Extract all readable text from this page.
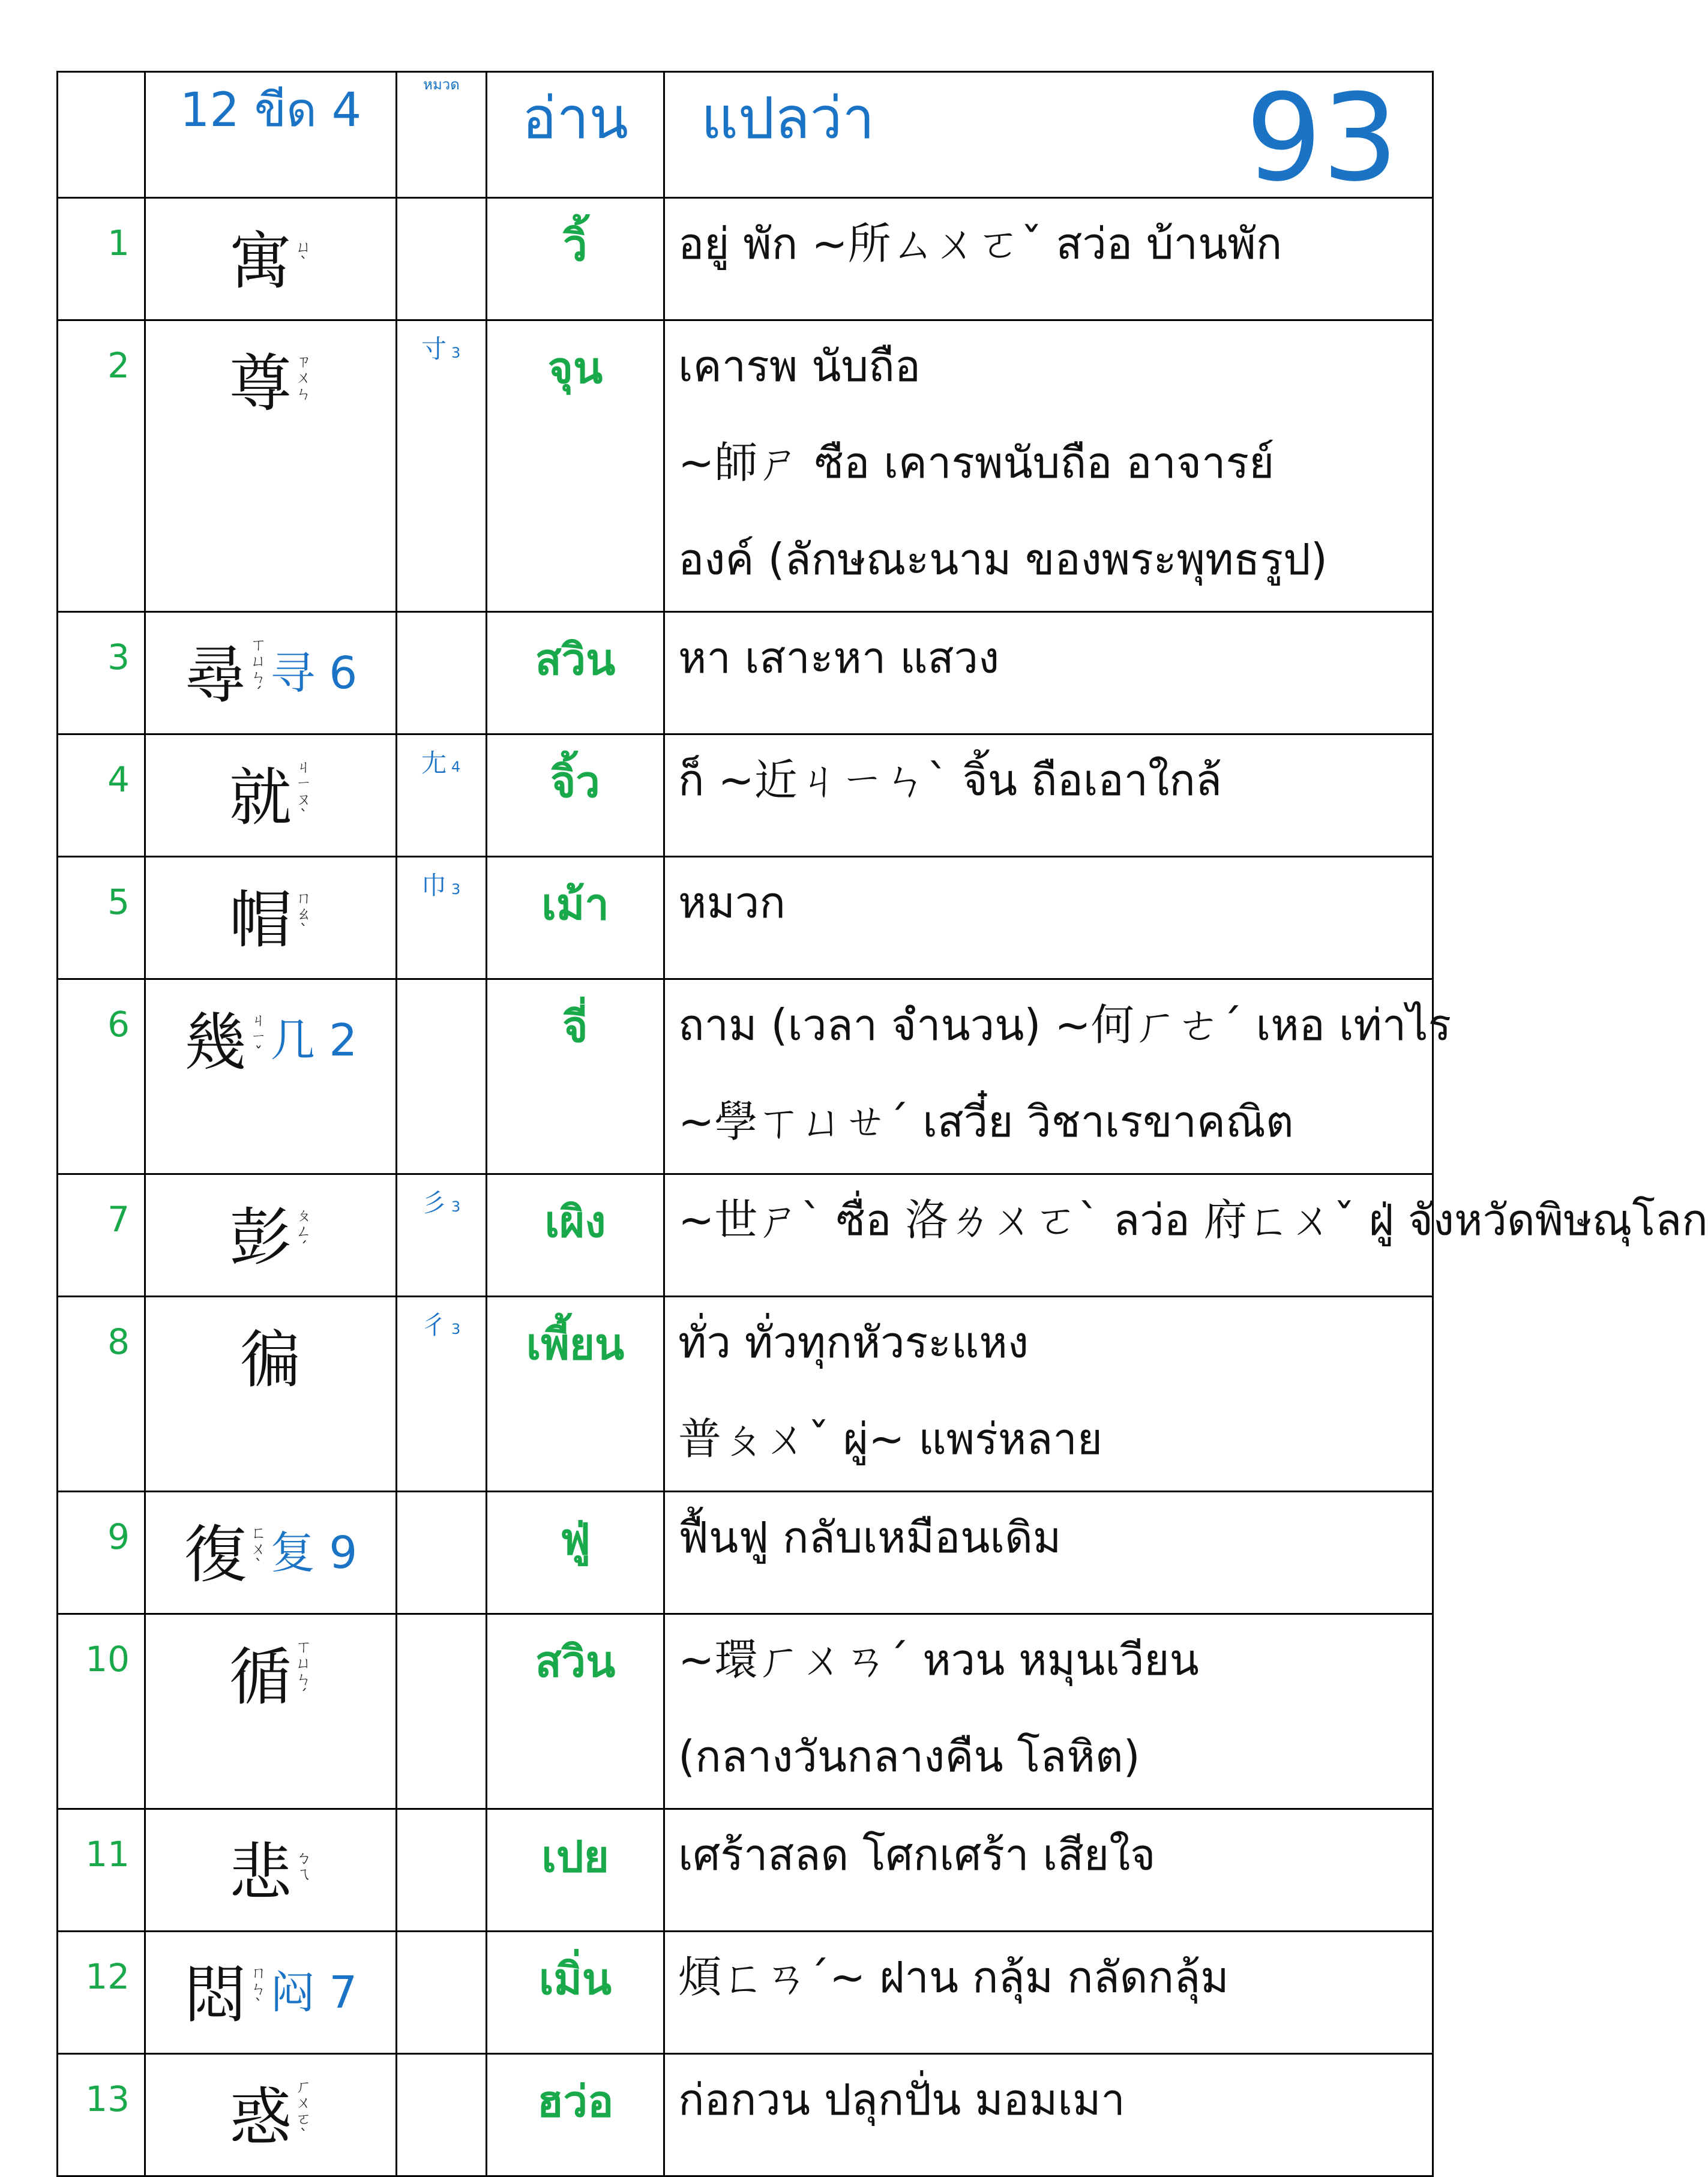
	12 ขีด 4	หมวด	อ่าน	แปลว่า 93

1	寓 ㄩˋ		วิ้	อยู่ พัก ~所ㄙㄨㄛˇ สว่อ บ้านพัก

2	尊 ㄗㄨㄣ	寸 3	จุน	เคารพ นับถือ
~師ㄕ ซือ เคารพนับถือ อาจารย์
องค์ (ลักษณะนาม ของพระพุทธรูป)

3	尋 ㄒㄩㄣˊ 寻 6		สวิน	หา เสาะหา แสวง

4	就 ㄐㄧㄡˋ	尢 4	จิ้ว	ก็ ~近ㄐㄧㄣˋ จิ้น ถือเอาใกล้

5	帽 ㄇㄠˋ	巾 3	เม้า	หมวก

6	幾 ㄐㄧˇ 几 2		จี่	ถาม (เวลา จำนวน) ~何ㄏㄜˊ เหอ เท่าไร
~學ㄒㄩㄝˊ เสวี๋ย วิชาเรขาคณิต

7	彭 ㄆㄥˊ	彡 3	เผิง	~世ㄕˋ ซื่อ 洛ㄌㄨㄛˋ ลว่อ 府ㄈㄨˇ ฝู่ จังหวัดพิษณุโลก

8	徧	彳 3	เพี้ยน	ทั่ว ทั่วทุกหัวระแหง
普ㄆㄨˇ ผู่~ แพร่หลาย

9	復 ㄈㄨˋ 复 9		ฟู่	ฟื้นฟู กลับเหมือนเดิม

10	循 ㄒㄩㄣˊ		สวิน	~環ㄏㄨㄢˊ หวน หมุนเวียน
(กลางวันกลางคืน โลหิต)

11	悲 ㄅㄟ		เปย	เศร้าสลด โศกเศร้า เสียใจ

12	悶 ㄇㄣˋ 闷 7		เมิ่น	煩ㄈㄢˊ~ ฝาน กลุ้ม กลัดกลุ้ม

13	惑 ㄏㄨㄛˋ		ฮว่อ	ก่อกวน ปลุกปั่น มอมเมา
